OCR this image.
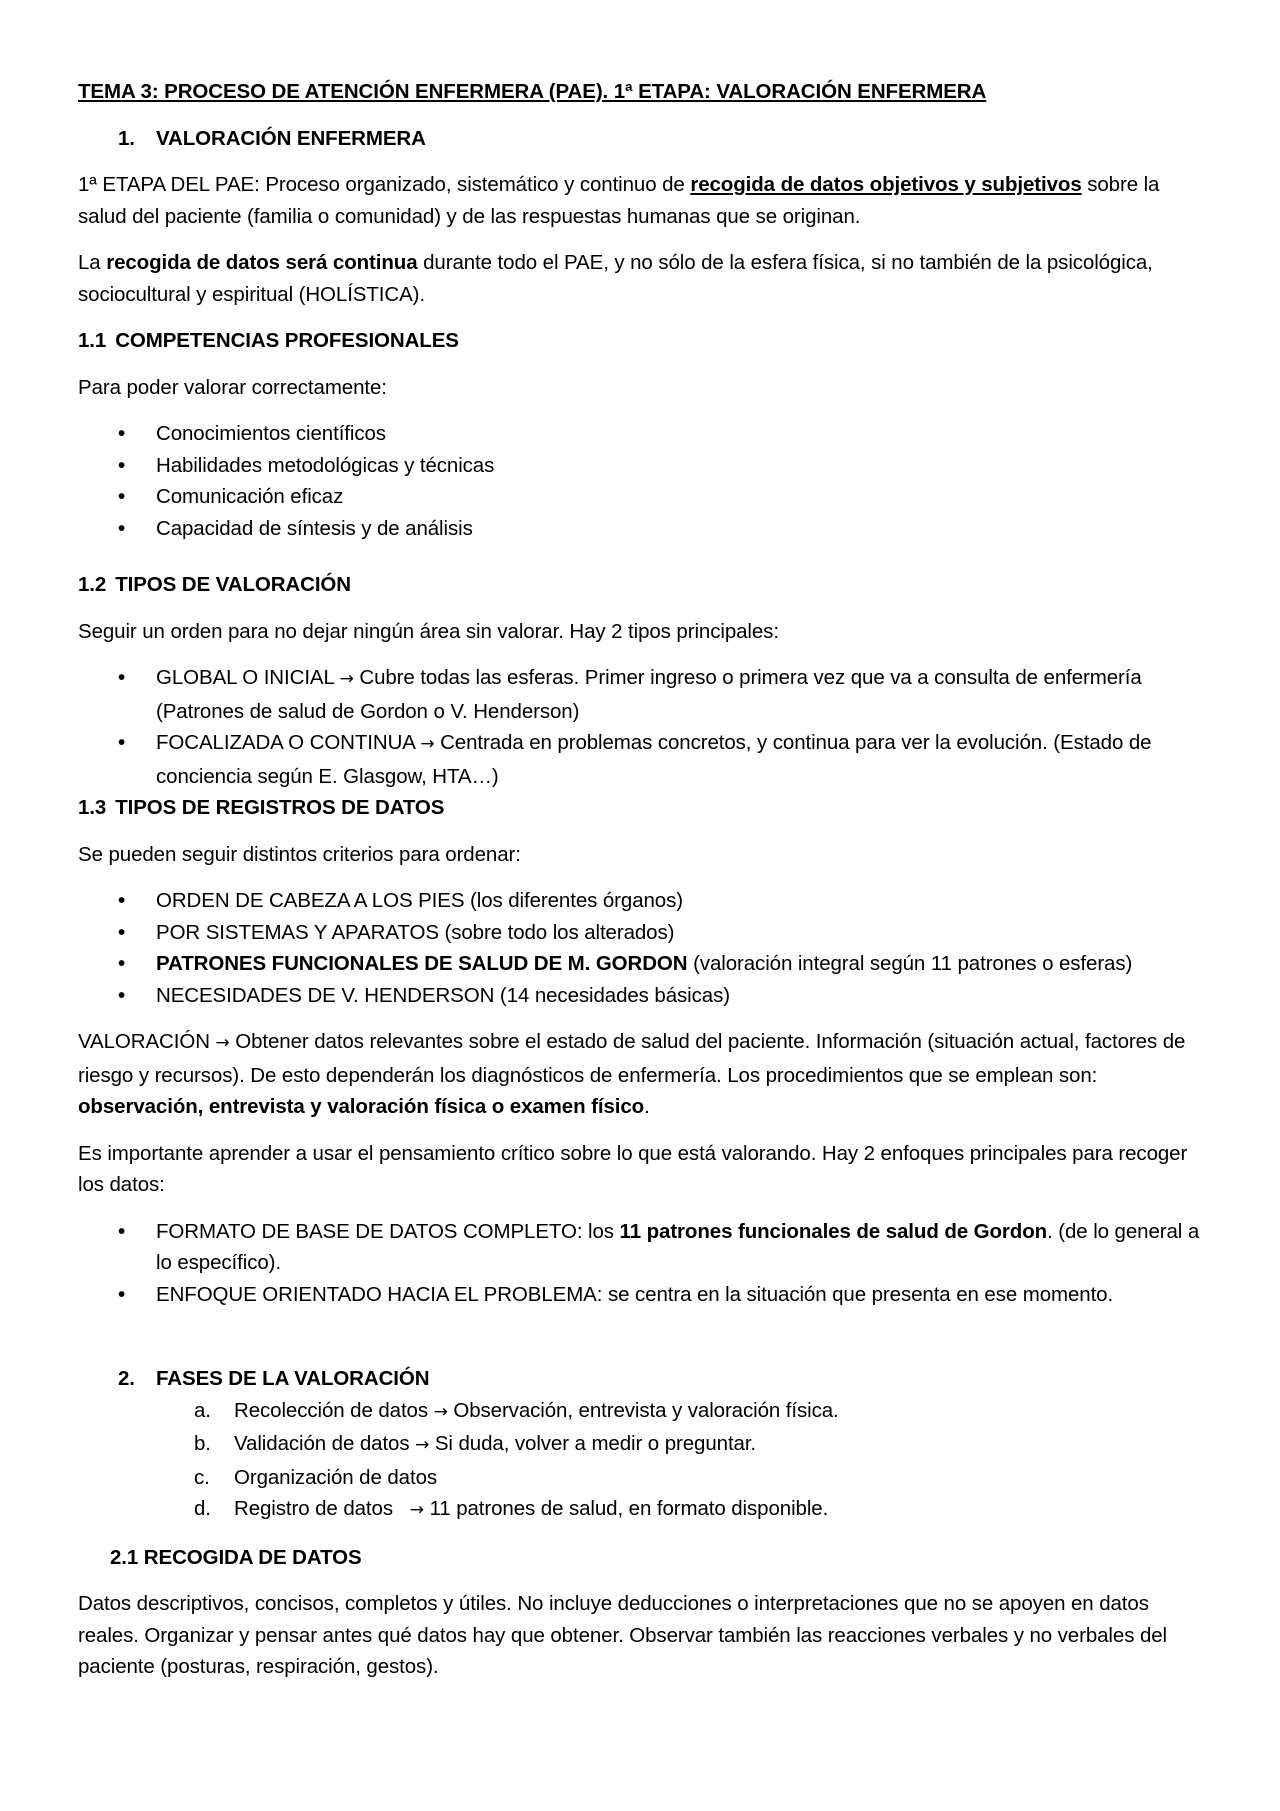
TEMA 3: PROCESO DE ATENCIÓN ENFERMERA (PAE). 1ª ETAPA: VALORACIÓN ENFERMERA

1.	VALORACIÓN ENFERMERA

1ª ETAPA DEL PAE: Proceso organizado, sistemático y continuo de recogida de datos objetivos y subjetivos sobre la salud del paciente (familia o comunidad) y de las respuestas humanas que se originan.

La recogida de datos será continua durante todo el PAE, y no sólo de la esfera física, si no también de la psicológica, sociocultural y espiritual (HOLÍSTICA).

1.1 COMPETENCIAS PROFESIONALES

Para poder valorar correctamente:

• Conocimientos científicos
• Habilidades metodológicas y técnicas
• Comunicación eficaz
• Capacidad de síntesis y de análisis

1.2 TIPOS DE VALORACIÓN

Seguir un orden para no dejar ningún área sin valorar. Hay 2 tipos principales:

• GLOBAL O INICIAL → Cubre todas las esferas. Primer ingreso o primera vez que va a consulta de enfermería (Patrones de salud de Gordon o V. Henderson)
• FOCALIZADA O CONTINUA → Centrada en problemas concretos, y continua para ver la evolución. (Estado de conciencia según E. Glasgow, HTA…)

1.3 TIPOS DE REGISTROS DE DATOS

Se pueden seguir distintos criterios para ordenar:

• ORDEN DE CABEZA A LOS PIES (los diferentes órganos)
• POR SISTEMAS Y APARATOS (sobre todo los alterados)
• PATRONES FUNCIONALES DE SALUD DE M. GORDON (valoración integral según 11 patrones o esferas)
• NECESIDADES DE V. HENDERSON (14 necesidades básicas)

VALORACIÓN → Obtener datos relevantes sobre el estado de salud del paciente. Información (situación actual, factores de riesgo y recursos). De esto dependerán los diagnósticos de enfermería. Los procedimientos que se emplean son: observación, entrevista y valoración física o examen físico.

Es importante aprender a usar el pensamiento crítico sobre lo que está valorando. Hay 2 enfoques principales para recoger los datos:

• FORMATO DE BASE DE DATOS COMPLETO: los 11 patrones funcionales de salud de Gordon. (de lo general a lo específico).
• ENFOQUE ORIENTADO HACIA EL PROBLEMA: se centra en la situación que presenta en ese momento.
2.	FASES DE LA VALORACIÓN
a. Recolección de datos → Observación, entrevista y valoración física.
b. Validación de datos → Si duda, volver a medir o preguntar.
c. Organización de datos
d. Registro de datos   → 11 patrones de salud, en formato disponible.

2.1 RECOGIDA DE DATOS

Datos descriptivos, concisos, completos y útiles. No incluye deducciones o interpretaciones que no se apoyen en datos reales. Organizar y pensar antes qué datos hay que obtener. Observar también las reacciones verbales y no verbales del paciente (posturas, respiración, gestos).
